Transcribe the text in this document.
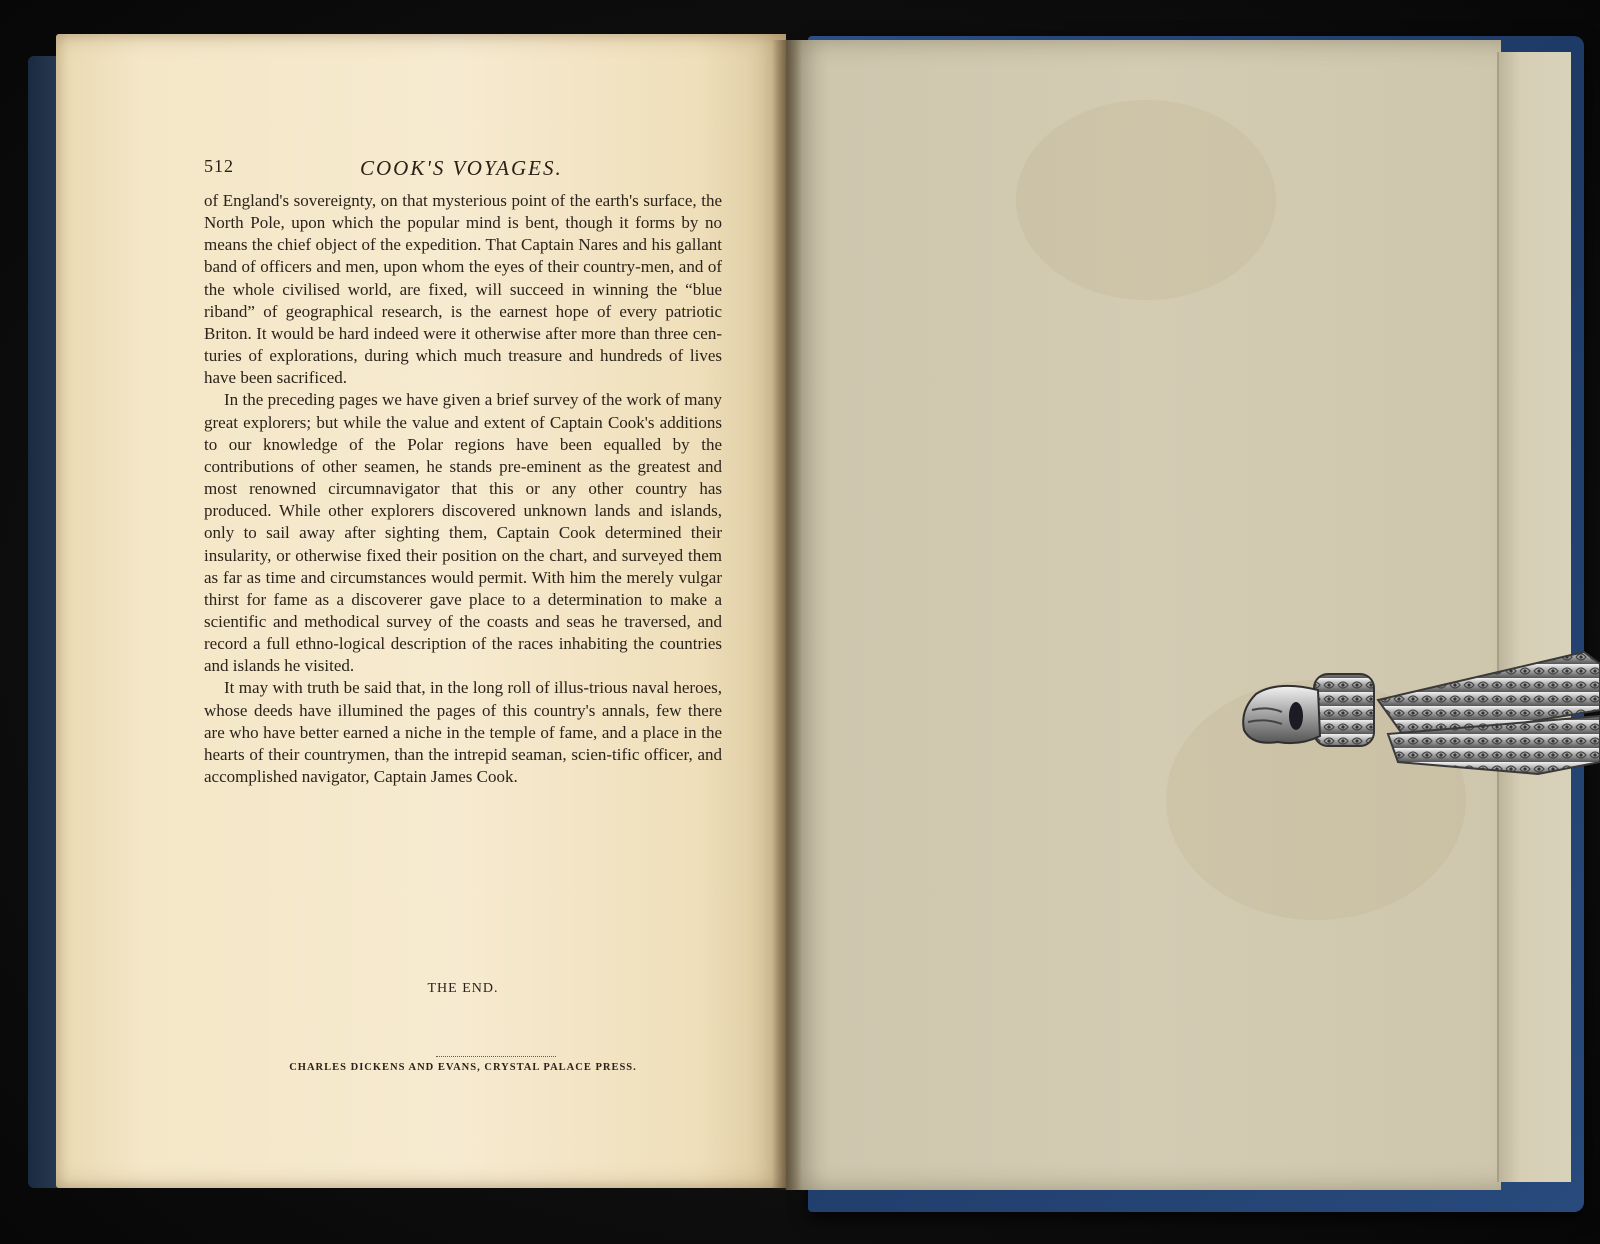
512	COOK'S VOYAGES.

of England's sovereignty, on that mysterious point of the earth's surface, the North Pole, upon which the popular mind is bent, though it forms by no means the chief object of the expedition. That Captain Nares and his gallant band of officers and men, upon whom the eyes of their country-men, and of the whole civilised world, are fixed, will succeed in winning the “blue riband” of geographical research, is the earnest hope of every patriotic Briton. It would be hard indeed were it otherwise after more than three cen-turies of explorations, during which much treasure and hundreds of lives have been sacrificed.

In the preceding pages we have given a brief survey of the work of many great explorers; but while the value and extent of Captain Cook's additions to our knowledge of the Polar regions have been equalled by the contributions of other seamen, he stands pre-eminent as the greatest and most renowned circumnavigator that this or any other country has produced. While other explorers discovered unknown lands and islands, only to sail away after sighting them, Captain Cook determined their insularity, or otherwise fixed their position on the chart, and surveyed them as far as time and circumstances would permit. With him the merely vulgar thirst for fame as a discoverer gave place to a determination to make a scientific and methodical survey of the coasts and seas he traversed, and record a full ethno-logical description of the races inhabiting the countries and islands he visited.

It may with truth be said that, in the long roll of illus-trious naval heroes, whose deeds have illumined the pages of this country's annals, few there are who have better earned a niche in the temple of fame, and a place in the hearts of their countrymen, than the intrepid seaman, scien-tific officer, and accomplished navigator, Captain James Cook.

THE END.
CHARLES DICKENS AND EVANS, CRYSTAL PALACE PRESS.
